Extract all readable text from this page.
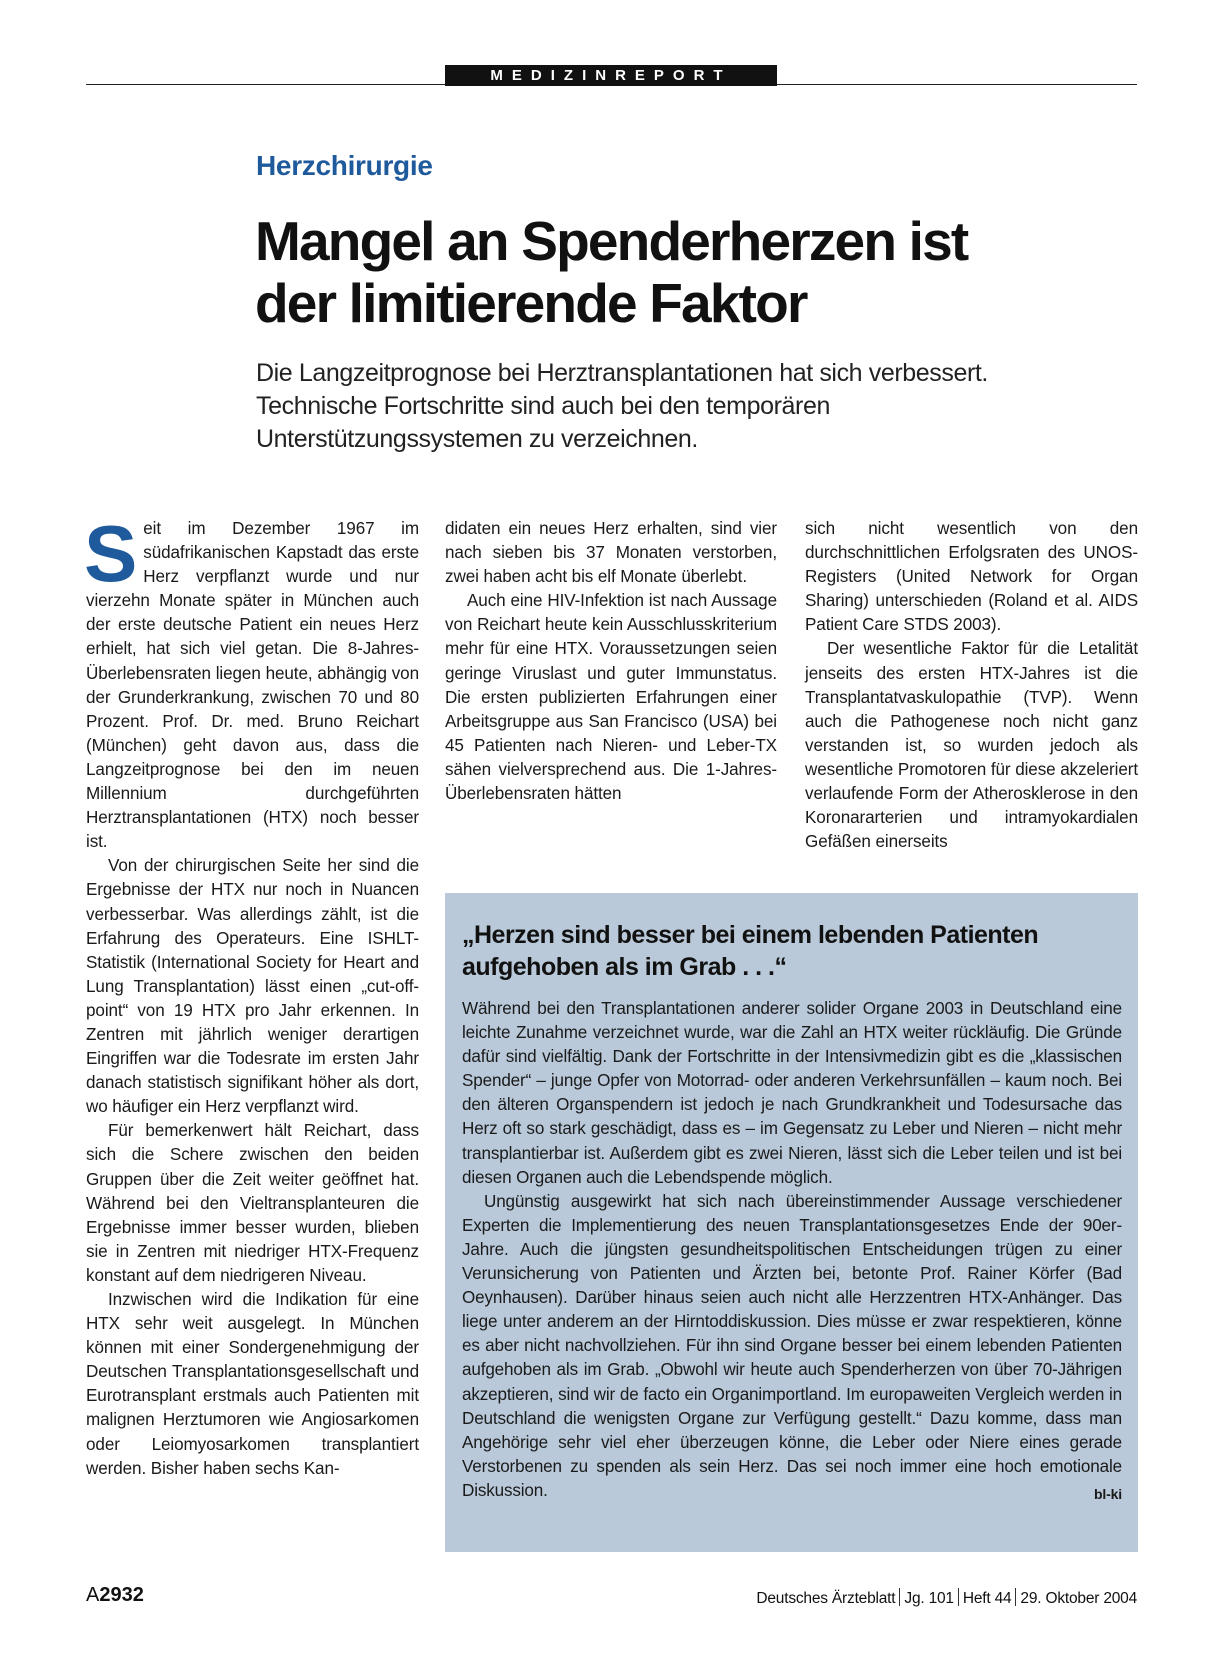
MEDIZINREPORT
Herzchirurgie
Mangel an Spenderherzen ist
der limitierende Faktor
Die Langzeitprognose bei Herztransplantationen hat sich verbessert. Technische Fortschritte sind auch bei den temporären Unterstützungssystemen zu verzeichnen.

Seit im Dezember 1967 im südafrikanischen Kapstadt das erste Herz verpflanzt wurde und nur vierzehn Monate später in München auch der erste deutsche Patient ein neues Herz erhielt, hat sich viel getan. Die 8-Jahres-Überlebensraten liegen heute, abhängig von der Grunderkrankung, zwischen 70 und 80 Prozent. Prof. Dr. med. Bruno Reichart (München) geht davon aus, dass die Langzeitprognose bei den im neuen Millennium durchgeführten Herztransplantationen (HTX) noch besser ist.

Von der chirurgischen Seite her sind die Ergebnisse der HTX nur noch in Nuancen verbesserbar. Was allerdings zählt, ist die Erfahrung des Operateurs. Eine ISHLT-Statistik (International Society for Heart and Lung Transplantation) lässt einen „cut-off-point“ von 19 HTX pro Jahr erkennen. In Zentren mit jährlich weniger derartigen Eingriffen war die Todesrate im ersten Jahr danach statistisch signifikant höher als dort, wo häufiger ein Herz verpflanzt wird.

Für bemerkenwert hält Reichart, dass sich die Schere zwischen den beiden Gruppen über die Zeit weiter geöffnet hat. Während bei den Vieltransplanteuren die Ergebnisse immer besser wurden, blieben sie in Zentren mit niedriger HTX-Frequenz konstant auf dem niedrigeren Niveau.

Inzwischen wird die Indikation für eine HTX sehr weit ausgelegt. In München können mit einer Sondergenehmigung der Deutschen Transplantationsgesellschaft und Eurotransplant erstmals auch Patienten mit malignen Herztumoren wie Angiosarkomen oder Leiomyosarkomen transplantiert werden. Bisher haben sechs Kan-

didaten ein neues Herz erhalten, sind vier nach sieben bis 37 Monaten verstorben, zwei haben acht bis elf Monate überlebt.

Auch eine HIV-Infektion ist nach Aussage von Reichart heute kein Ausschlusskriterium mehr für eine HTX. Voraussetzungen seien geringe Viruslast und guter Immunstatus. Die ersten publizierten Erfahrungen einer Arbeitsgruppe aus San Francisco (USA) bei 45 Patienten nach Nieren- und Leber-TX sähen vielversprechend aus. Die 1-Jahres-Überlebensraten hätten

sich nicht wesentlich von den durchschnittlichen Erfolgsraten des UNOS-Registers (United Network for Organ Sharing) unterschieden (Roland et al. AIDS Patient Care STDS 2003).

Der wesentliche Faktor für die Letalität jenseits des ersten HTX-Jahres ist die Transplantatvaskulopathie (TVP). Wenn auch die Pathogenese noch nicht ganz verstanden ist, so wurden jedoch als wesentliche Promotoren für diese akzeleriert verlaufende Form der Atherosklerose in den Koronararterien und intramyokardialen Gefäßen einerseits

„Herzen sind besser bei einem lebenden Patienten aufgehoben als im Grab . . .“

Während bei den Transplantationen anderer solider Organe 2003 in Deutschland eine leichte Zunahme verzeichnet wurde, war die Zahl an HTX weiter rückläufig. Die Gründe dafür sind vielfältig. Dank der Fortschritte in der Intensivmedizin gibt es die „klassischen Spender“ – junge Opfer von Motorrad- oder anderen Verkehrsunfällen – kaum noch. Bei den älteren Organspendern ist jedoch je nach Grundkrankheit und Todesursache das Herz oft so stark geschädigt, dass es – im Gegensatz zu Leber und Nieren – nicht mehr transplantierbar ist. Außerdem gibt es zwei Nieren, lässt sich die Leber teilen und ist bei diesen Organen auch die Lebendspende möglich.

Ungünstig ausgewirkt hat sich nach übereinstimmender Aussage verschiedener Experten die Implementierung des neuen Transplantationsgesetzes Ende der 90er-Jahre. Auch die jüngsten gesundheitspolitischen Entscheidungen trügen zu einer Verunsicherung von Patienten und Ärzten bei, betonte Prof. Rainer Körfer (Bad Oeynhausen). Darüber hinaus seien auch nicht alle Herzzentren HTX-Anhänger. Das liege unter anderem an der Hirntoddiskussion. Dies müsse er zwar respektieren, könne es aber nicht nachvollziehen. Für ihn sind Organe besser bei einem lebenden Patienten aufgehoben als im Grab. „Obwohl wir heute auch Spenderherzen von über 70-Jährigen akzeptieren, sind wir de facto ein Organimportland. Im europaweiten Vergleich werden in Deutschland die wenigsten Organe zur Verfügung gestellt.“ Dazu komme, dass man Angehörige sehr viel eher überzeugen könne, die Leber oder Niere eines gerade Verstorbenen zu spenden als sein Herz. Das sei noch immer eine hoch emotionale Diskussion.	bl-ki

A2932	Deutsches Ärzteblatt Jg. 101 Heft 44 29. Oktober 2004
